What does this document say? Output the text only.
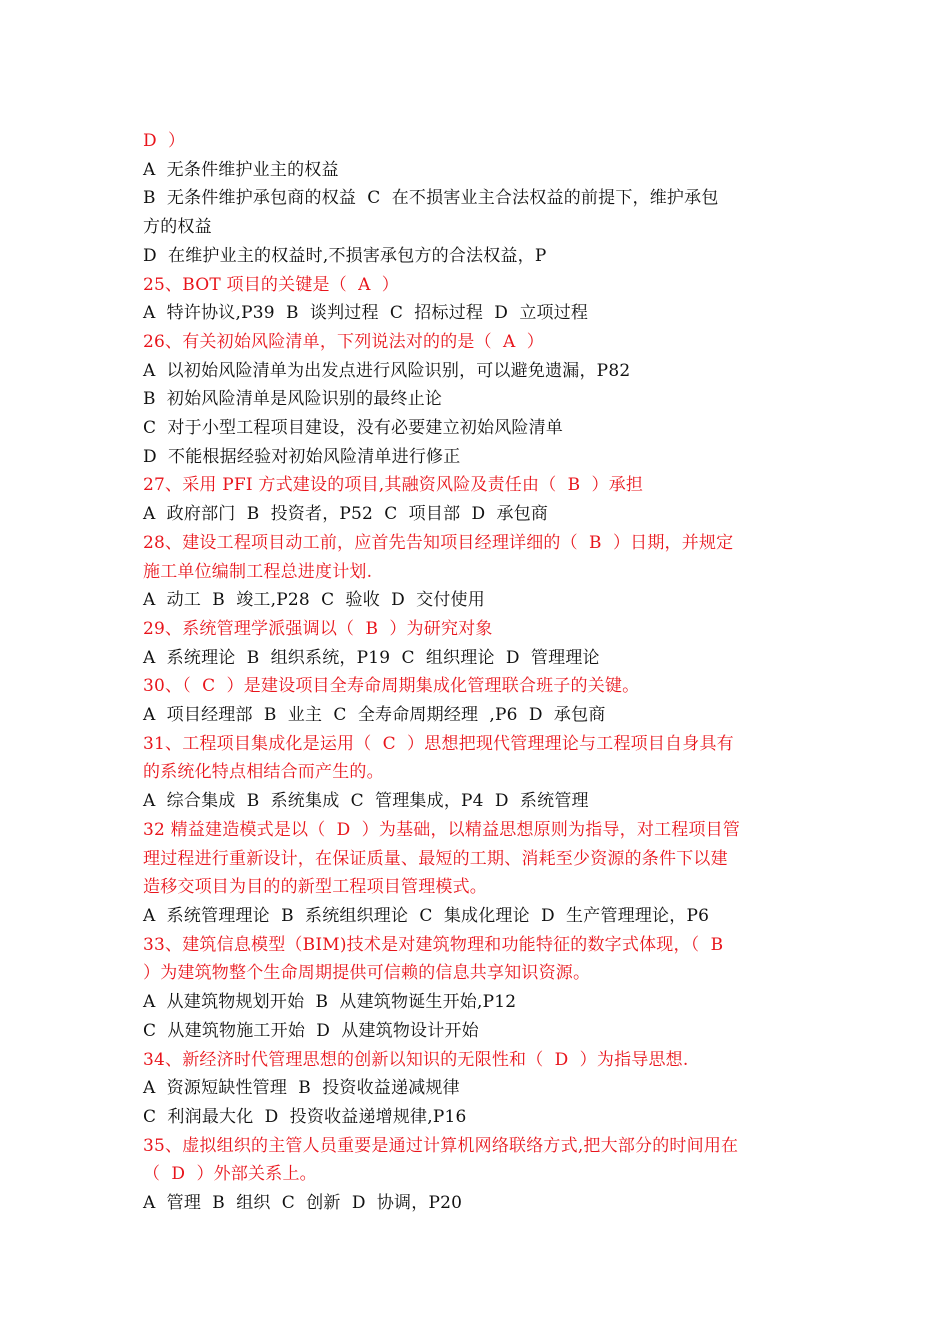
D  ）
A  无条件维护业主的权益
B  无条件维护承包商的权益  C  在不损害业主合法权益的前提下，维护承包
方的权益
D  在维护业主的权益时,不损害承包方的合法权益，P
25、BOT 项目的关键是（  A  ）
A  特许协议,P39  B  谈判过程  C  招标过程  D  立项过程
26、有关初始风险清单，下列说法对的的是（  A  ）
A  以初始风险清单为出发点进行风险识别，可以避免遗漏，P82
B  初始风险清单是风险识别的最终止论
C  对于小型工程项目建设，没有必要建立初始风险清单
D  不能根据经验对初始风险清单进行修正
27、采用 PFI 方式建设的项目,其融资风险及责任由（  B  ）承担
A  政府部门  B  投资者，P52  C  项目部  D  承包商
28、建设工程项目动工前，应首先告知项目经理详细的（  B  ）日期，并规定
施工单位编制工程总进度计划.
A  动工  B  竣工,P28  C  验收  D  交付使用
29、系统管理学派强调以（  B  ）为研究对象
A  系统理论  B  组织系统，P19  C  组织理论  D  管理理论
30、（  C  ）是建设项目全寿命周期集成化管理联合班子的关键。
A  项目经理部  B  业主  C  全寿命周期经理  ,P6  D  承包商
31、工程项目集成化是运用（  C  ）思想把现代管理理论与工程项目自身具有
的系统化特点相结合而产生的。
A  综合集成  B  系统集成  C  管理集成，P4  D  系统管理
32 精益建造模式是以（  D  ）为基础，以精益思想原则为指导，对工程项目管
理过程进行重新设计，在保证质量、最短的工期、消耗至少资源的条件下以建
造移交项目为目的的新型工程项目管理模式。
A  系统管理理论  B  系统组织理论  C  集成化理论  D  生产管理理论，P6
33、建筑信息模型（BIM)技术是对建筑物理和功能特征的数字式体现，（  B
）为建筑物整个生命周期提供可信赖的信息共享知识资源。
A  从建筑物规划开始  B  从建筑物诞生开始,P12
C  从建筑物施工开始  D  从建筑物设计开始
34、新经济时代管理思想的创新以知识的无限性和（  D  ）为指导思想.
A  资源短缺性管理  B  投资收益递减规律
C  利润最大化  D  投资收益递增规律,P16
35、虚拟组织的主管人员重要是通过计算机网络联络方式,把大部分的时间用在
（  D  ）外部关系上。
A  管理  B  组织  C  创新  D  协调，P20
